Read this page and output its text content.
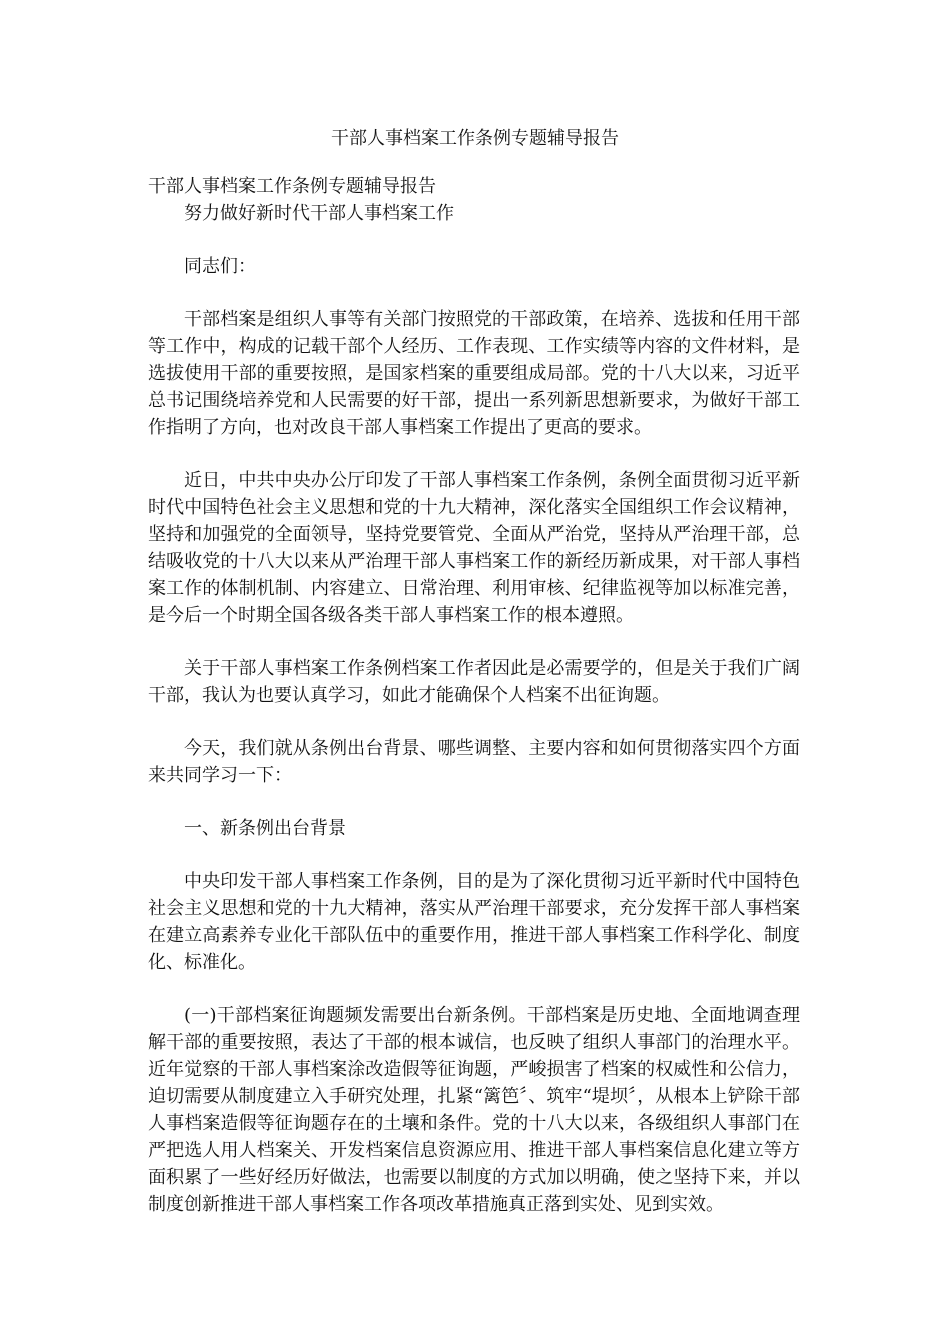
干部人事档案工作条例专题辅导报告

干部人事档案工作条例专题辅导报告

努力做好新时代干部人事档案工作

同志们：

干部档案是组织人事等有关部门按照党的干部政策，在培养、选拔和任用干部等工作中，构成的记载干部个人经历、工作表现、工作实绩等内容的文件材料，是选拔使用干部的重要按照，是国家档案的重要组成局部。党的十八大以来，习近平总书记围绕培养党和人民需要的好干部，提出一系列新思想新要求，为做好干部工作指明了方向，也对改良干部人事档案工作提出了更高的要求。

近日，中共中央办公厅印发了干部人事档案工作条例，条例全面贯彻习近平新时代中国特色社会主义思想和党的十九大精神，深化落实全国组织工作会议精神，坚持和加强党的全面领导，坚持党要管党、全面从严治党，坚持从严治理干部，总结吸收党的十八大以来从严治理干部人事档案工作的新经历新成果，对干部人事档案工作的体制机制、内容建立、日常治理、利用审核、纪律监视等加以标准完善，是今后一个时期全国各级各类干部人事档案工作的根本遵照。

关于干部人事档案工作条例档案工作者因此是必需要学的，但是关于我们广阔干部，我认为也要认真学习，如此才能确保个人档案不出征询题。

今天，我们就从条例出台背景、哪些调整、主要内容和如何贯彻落实四个方面来共同学习一下：

一、新条例出台背景

中央印发干部人事档案工作条例，目的是为了深化贯彻习近平新时代中国特色社会主义思想和党的十九大精神，落实从严治理干部要求，充分发挥干部人事档案在建立高素养专业化干部队伍中的重要作用，推进干部人事档案工作科学化、制度化、标准化。

(一)干部档案征询题频发需要出台新条例。干部档案是历史地、全面地调查理解干部的重要按照，表达了干部的根本诚信，也反映了组织人事部门的治理水平。近年觉察的干部人事档案涂改造假等征询题，严峻损害了档案的权威性和公信力，迫切需要从制度建立入手研究处理，扎紧“篱笆〞、筑牢“堤坝〞，从根本上铲除干部人事档案造假等征询题存在的土壤和条件。党的十八大以来，各级组织人事部门在严把选人用人档案关、开发档案信息资源应用、推进干部人事档案信息化建立等方面积累了一些好经历好做法，也需要以制度的方式加以明确，使之坚持下来，并以制度创新推进干部人事档案工作各项改革措施真正落到实处、见到实效。
